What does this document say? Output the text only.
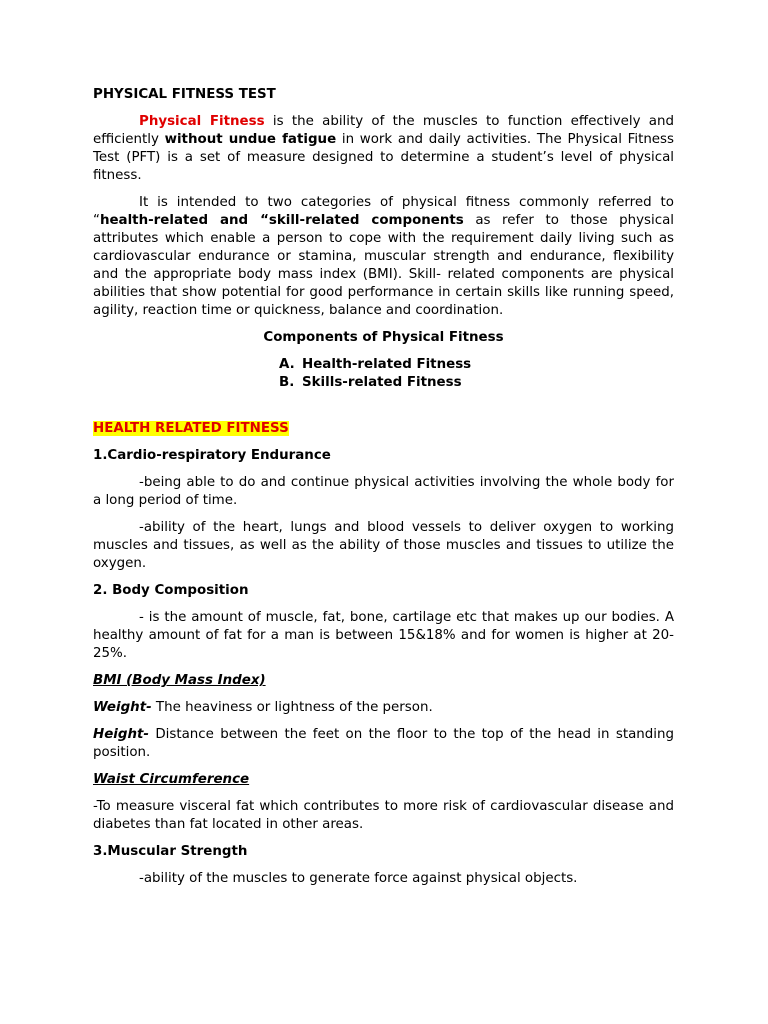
PHYSICAL FITNESS TEST

Physical Fitness is the ability of the muscles to function effectively and efficiently without undue fatigue in work and daily activities. The Physical Fitness Test (PFT) is a set of measure designed to determine a student’s level of physical fitness.

It is intended to two categories of physical fitness commonly referred to “health-related and “skill-related components as refer to those physical attributes which enable a person to cope with the requirement daily living such as cardiovascular endurance or stamina, muscular strength and endurance, flexibility and the appropriate body mass index (BMI). Skill- related components are physical abilities that show potential for good performance in certain skills like running speed, agility, reaction time or quickness, balance and coordination.

Components of Physical Fitness

A. Health-related Fitness
B. Skills-related Fitness

HEALTH RELATED FITNESS

1.Cardio-respiratory Endurance

-being able to do and continue physical activities involving the whole body for a long period of time.

-ability of the heart, lungs and blood vessels to deliver oxygen to working muscles and tissues, as well as the ability of those muscles and tissues to utilize the oxygen.

2. Body Composition

- is the amount of muscle, fat, bone, cartilage etc that makes up our bodies. A healthy amount of fat for a man is between 15&18% and for women is higher at 20-25%.

BMI (Body Mass Index)

Weight- The heaviness or lightness of the person.

Height- Distance between the feet on the floor to the top of the head in standing position.

Waist Circumference

-To measure visceral fat which contributes to more risk of cardiovascular disease and diabetes than fat located in other areas.

3.Muscular Strength

-ability of the muscles to generate force against physical objects.
